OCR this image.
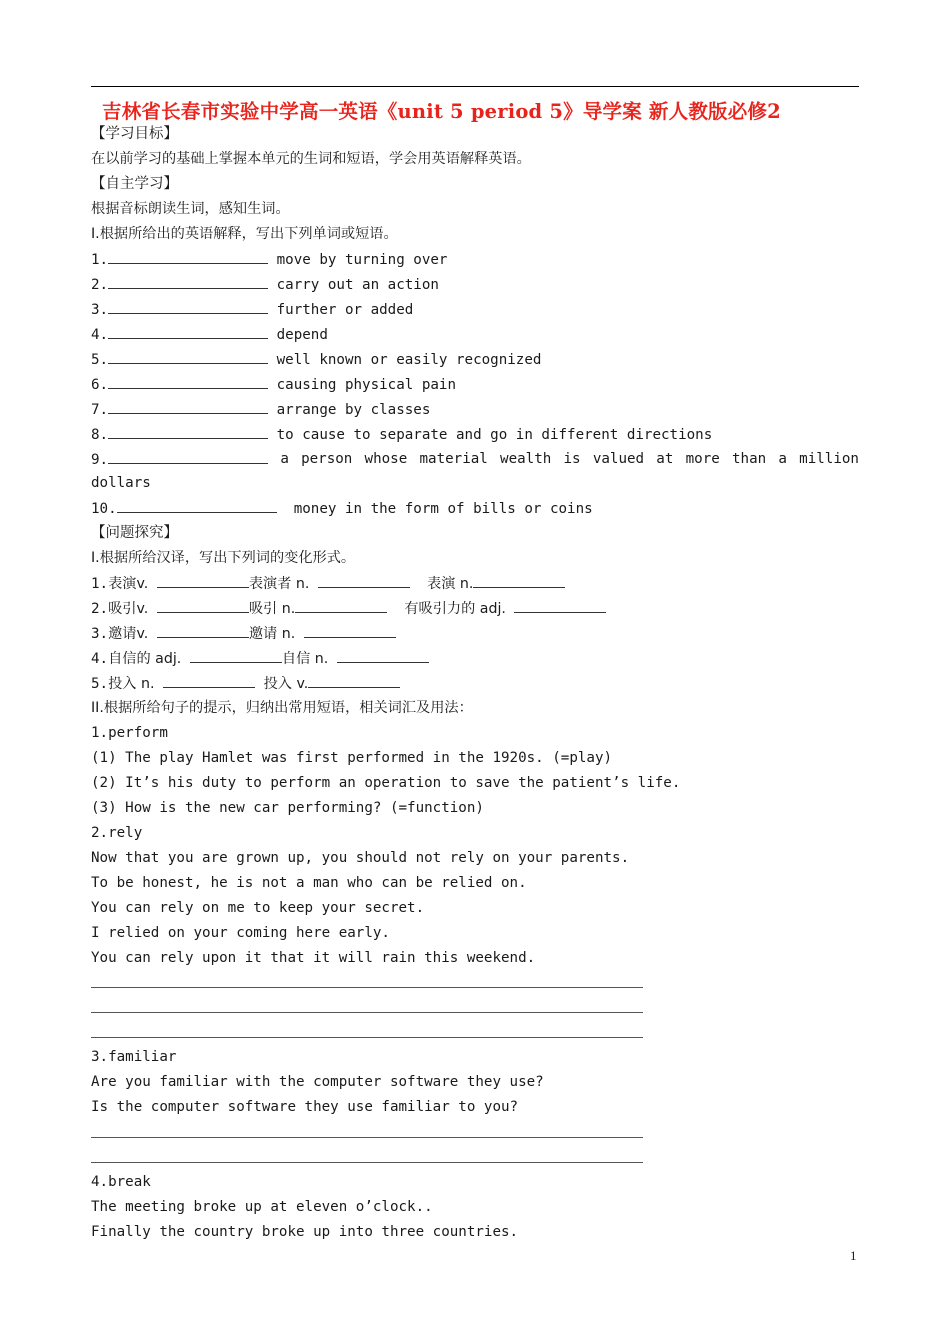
吉林省长春市实验中学高一英语《unit 5 period 5》导学案 新人教版必修2
【学习目标】
在以前学习的基础上掌握本单元的生词和短语，学会用英语解释英语。
【自主学习】
根据音标朗读生词，感知生词。
I.根据所给出的英语解释，写出下列单词或短语。
1.	move by turning over
2.	carry out an action
3.	further or added
4.	depend
5.	well known or easily recognized
6.	causing physical pain
7.	arrange by classes
8.	to cause to separate and go in different directions
9.	a person whose material wealth is valued at more than a million
dollars
10.	money in the form of bills or coins
【问题探究】
I.根据所给汉译，写出下列词的变化形式。
1.表演v.	表演者 n.	表演 n.
2.吸引v.	吸引 n.	有吸引力的 adj.
3.邀请v.	邀请 n.
4.自信的 adj.	自信 n.
5.投入 n.	投入 v.
II.根据所给句子的提示，归纳出常用短语，相关词汇及用法：
1.perform
(1) The play Hamlet was first performed in the 1920s. (=play)
(2) It’s his duty to perform an operation to save the patient’s life.
(3) How is the new car performing? (=function)
2.rely
Now that you are grown up, you should not rely on your parents.
To be honest, he is not a man who can be relied on.
You can rely on me to keep your secret.
I relied on your coming here early.
You can rely upon it that it will rain this weekend.
3.familiar
Are you familiar with the computer software they use?
Is the computer software they use familiar to you?
4.break
The meeting broke up at eleven o’clock..
Finally the country broke up into three countries.
1
